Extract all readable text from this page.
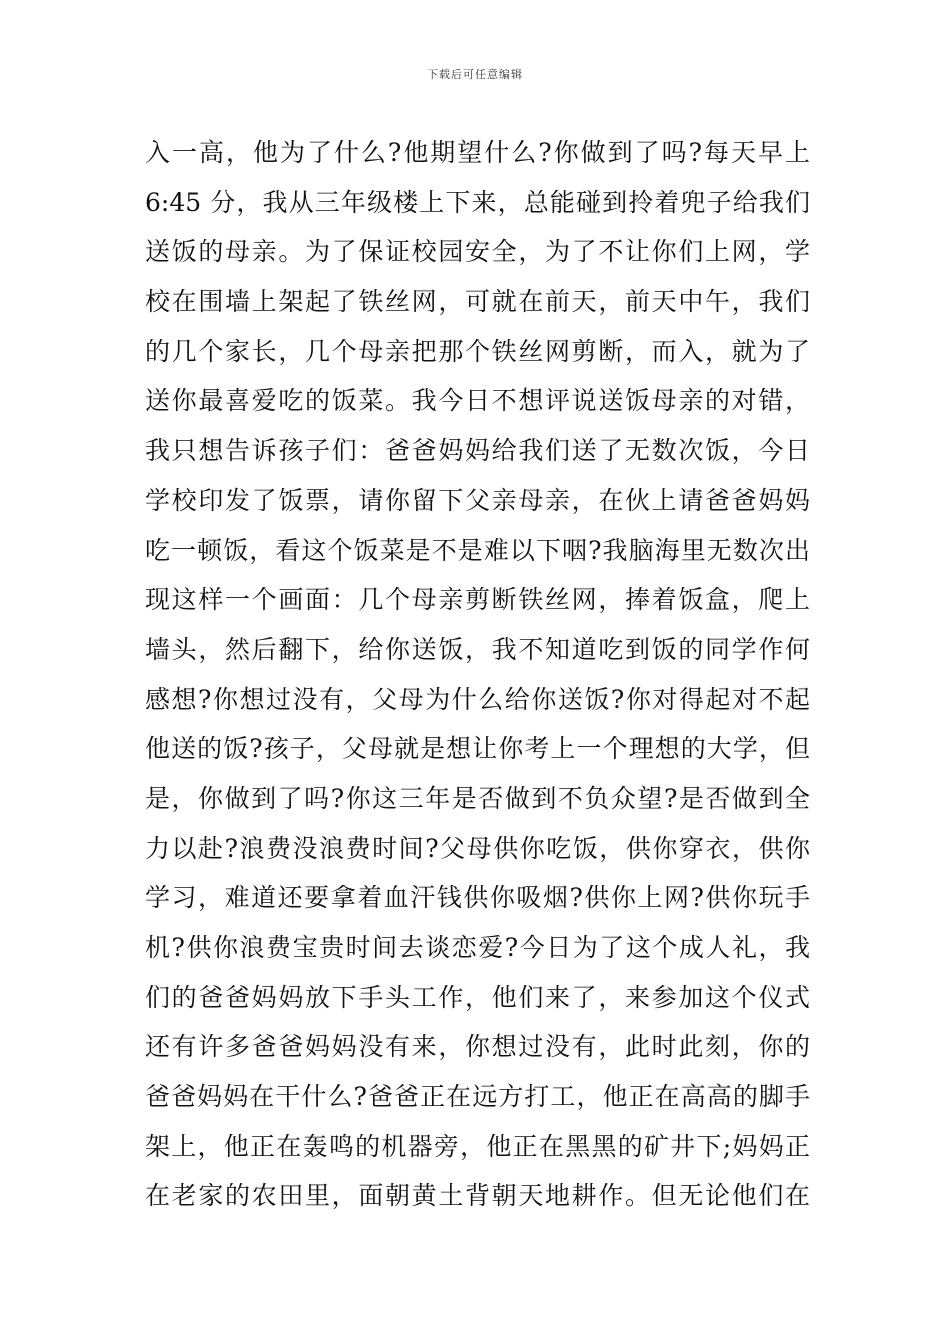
下载后可任意编辑
入一高，他为了什么?他期望什么?你做到了吗?每天早上
6:45 分，我从三年级楼上下来，总能碰到拎着兜子给我们
送饭的母亲。为了保证校园安全，为了不让你们上网，学
校在围墙上架起了铁丝网，可就在前天，前天中午，我们
的几个家长，几个母亲把那个铁丝网剪断，而入，就为了
送你最喜爱吃的饭菜。我今日不想评说送饭母亲的对错，
我只想告诉孩子们：爸爸妈妈给我们送了无数次饭，今日
学校印发了饭票，请你留下父亲母亲，在伙上请爸爸妈妈
吃一顿饭，看这个饭菜是不是难以下咽?我脑海里无数次出
现这样一个画面：几个母亲剪断铁丝网，捧着饭盒，爬上
墙头，然后翻下，给你送饭，我不知道吃到饭的同学作何
感想?你想过没有，父母为什么给你送饭?你对得起对不起
他送的饭?孩子，父母就是想让你考上一个理想的大学，但
是，你做到了吗?你这三年是否做到不负众望?是否做到全
力以赴?浪费没浪费时间?父母供你吃饭，供你穿衣，供你
学习，难道还要拿着血汗钱供你吸烟?供你上网?供你玩手
机?供你浪费宝贵时间去谈恋爱?今日为了这个成人礼，我
们的爸爸妈妈放下手头工作，他们来了，来参加这个仪式
还有许多爸爸妈妈没有来，你想过没有，此时此刻，你的
爸爸妈妈在干什么?爸爸正在远方打工，他正在高高的脚手
架上，他正在轰鸣的机器旁，他正在黑黑的矿井下;妈妈正
在老家的农田里，面朝黄土背朝天地耕作。但无论他们在
